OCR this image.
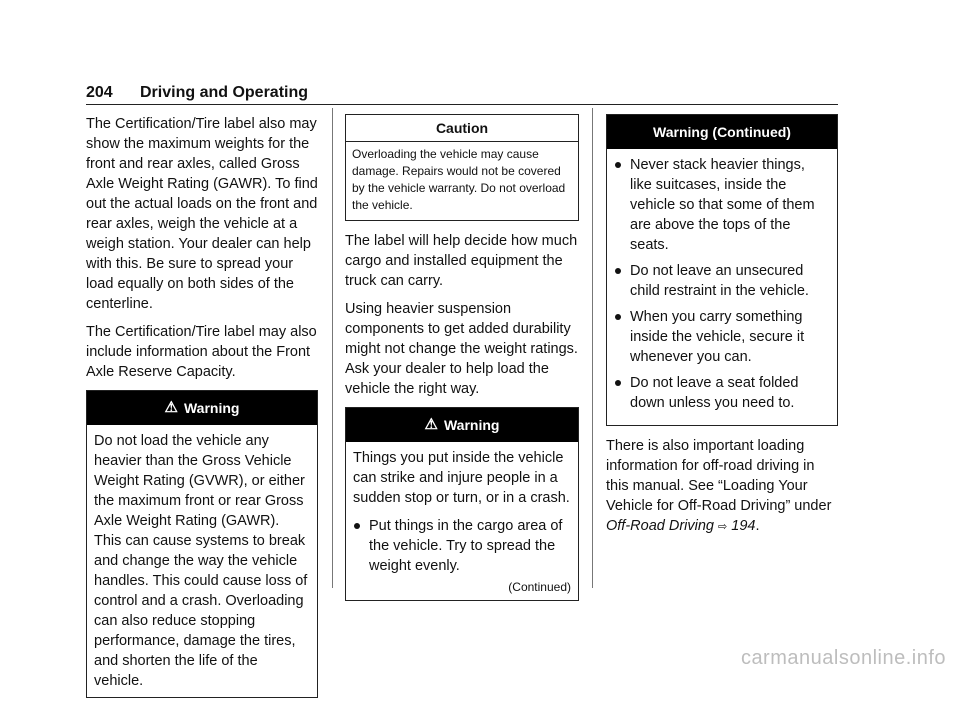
204 Driving and Operating

The Certification/Tire label also may show the maximum weights for the front and rear axles, called Gross Axle Weight Rating (GAWR). To find out the actual loads on the front and rear axles, weigh the vehicle at a weigh station. Your dealer can help with this. Be sure to spread your load equally on both sides of the centerline.

The Certification/Tire label may also include information about the Front Axle Reserve Capacity.

⚠ Warning
Do not load the vehicle any heavier than the Gross Vehicle Weight Rating (GVWR), or either the maximum front or rear Gross Axle Weight Rating (GAWR). This can cause systems to break and change the way the vehicle handles. This could cause loss of control and a crash. Overloading can also reduce stopping performance, damage the tires, and shorten the life of the vehicle.
Caution
Overloading the vehicle may cause damage. Repairs would not be covered by the vehicle warranty. Do not overload the vehicle.

The label will help decide how much cargo and installed equipment the truck can carry.

Using heavier suspension components to get added durability might not change the weight ratings. Ask your dealer to help load the vehicle the right way.

⚠ Warning

Things you put inside the vehicle can strike and injure people in a sudden stop or turn, or in a crash.

Put things in the cargo area of the vehicle. Try to spread the weight evenly.
(Continued)
Warning (Continued)
Never stack heavier things, like suitcases, inside the vehicle so that some of them are above the tops of the seats.
Do not leave an unsecured child restraint in the vehicle.
When you carry something inside the vehicle, secure it whenever you can.
Do not leave a seat folded down unless you need to.

There is also important loading information for off-road driving in this manual. See “Loading Your Vehicle for Off-Road Driving” under Off-Road Driving ⇨ 194.

carmanualsonline.info
